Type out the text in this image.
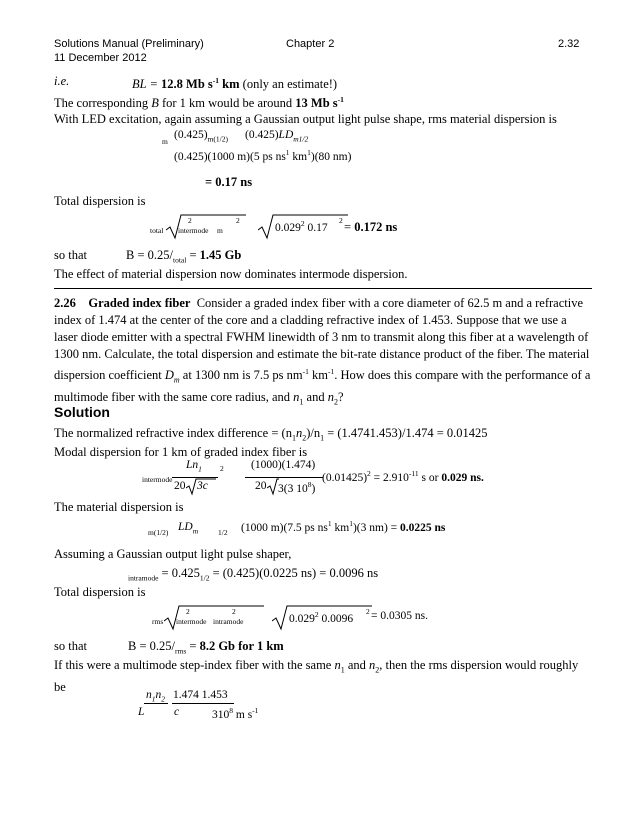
Solutions Manual (Preliminary)	Chapter 2	2.32
11 December 2012
i.e.	BL = 12.8 Mb $s^{-1}$ km (only an estimate!)
The corresponding B for 1 km would be around 13 Mb $s^{-1}$
With LED excitation, again assuming a Gaussian output light pulse shape, rms material dispersion is
m
$(0.425)_{m(1/2)}$ $(0.425)LD_{m1/2}$
(0.425)(1000 m)(5 ps $ns^1$ $km^1)(80$ nm)
= 0.17 ns
Total dispersion is
total
2	2
intermode m	0.029$^2$ 0.17
2 = 0.172 ns
so that	$B = 0.25/_{total} = 1.45$ Gb
The effect of material dispersion now dominates intermode dispersion.
2.26 Graded index fiber Consider a graded index fiber with a core diameter of 62.5 m and a refractive index of 1.474 at the center of the core and a cladding refractive index of 1.453. Suppose that we use a laser diode emitter with a spectral FWHM linewidth of 3 nm to transmit along this fiber at a wavelength of 1300 nm. Calculate, the total dispersion and estimate the bit-rate distance product of the fiber. The material dispersion coefficient $D_m$ at 1300 nm is 7.5 ps $nm^{-1}$ $km^{-1}$. How does this compare with the performance of a multimode fiber with the same core radius, and $n_1$ and $n_2$?
Solution
The normalized refractive index difference = $(n_1n_2)/n_1 = (1.4741.453)/1.474 = 0.01425$
Modal dispersion for 1 km of graded index fiber is
intermode
$Ln_1$ 2
20 3c
(1000)(1.474)
20 3(3 $10^8$)
$(0.01425)^2 = 2.910^{-11}$ s or 0.029 ns.
The material dispersion is
m(1/2) $LD_m$	1/2 (1000 m)(7.5 ps $ns^1$ $km^1)(3$ nm) = 0.0225 ns
Assuming a Gaussian output light pulse shaper,
$_{intramode} = 0.425_{1/2} = (0.425)(0.0225$ ns) = 0.0096 ns
Total dispersion is
rms
2	2
intermode intramode	0.029$^2$ 0.0096
2 = 0.0305 ns.
so that	$B = 0.25/_{rms} = 8.2$ Gb for 1 km
If this were a multimode step-index fiber with the same $n_1$ and $n_2$, then the rms dispersion would roughly be
$n_1n_2$
L
1.474 1.453
c	$310^8$ m $s^{-1}$
